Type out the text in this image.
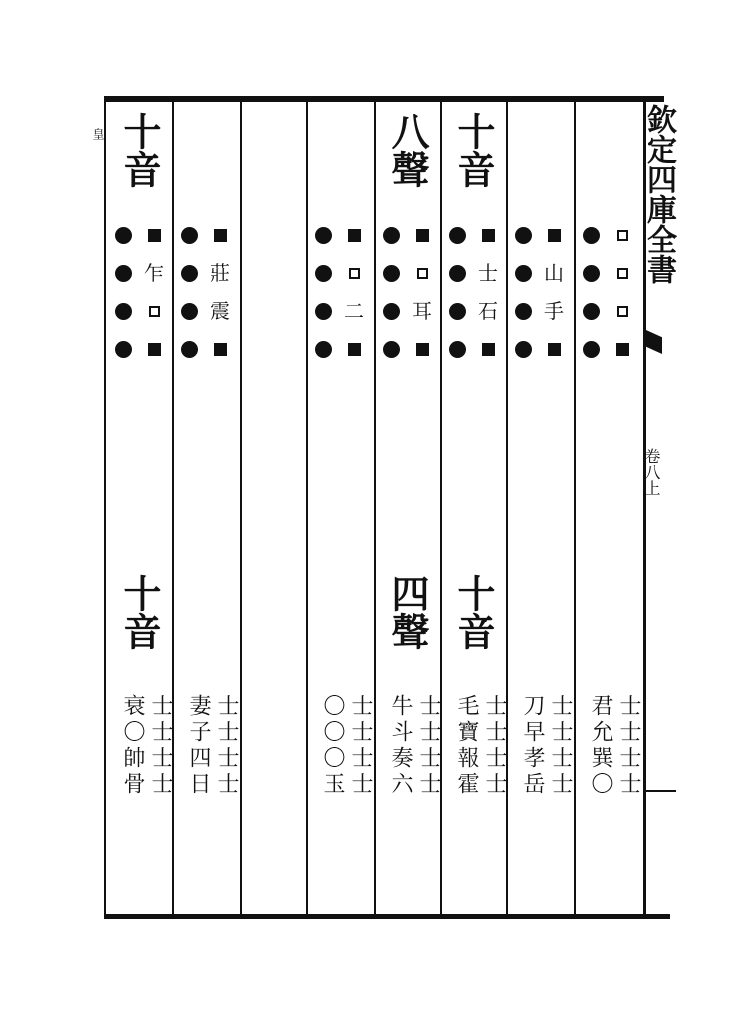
皇	欽定四庫全書
卷八上
十音
乍
十音
衰〇帥骨 士士士士
莊
震
妻子四日 士士士士
二
〇〇〇玉 士士士士
八聲
耳
四聲
牛斗奏六 士士士士
十音
士
石
十音
毛寶報霍 士士士士
山
手
刀早孝岳 士士士士 君允巽〇 士士士士
